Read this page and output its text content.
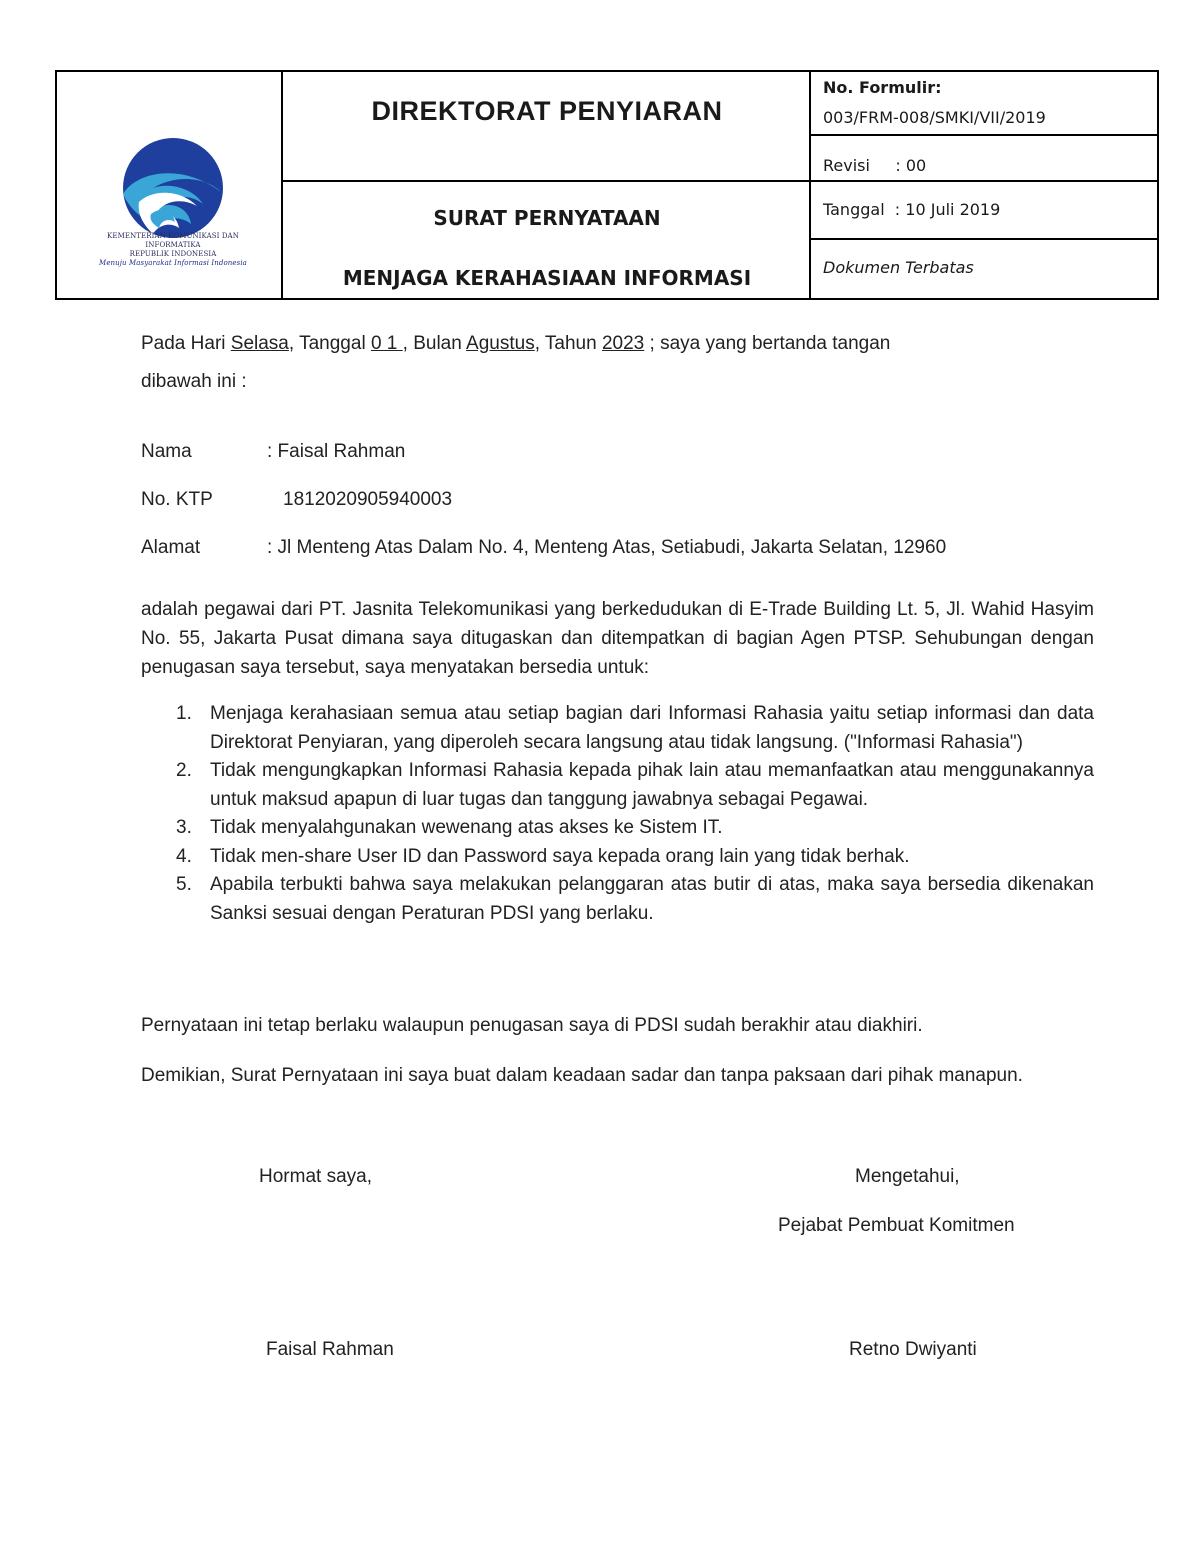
KEMENTERIAN KOMUNIKASI DAN INFORMATIKA
REPUBLIK INDONESIA
Menuju Masyarakat Informasi Indonesia
DIREKTORAT PENYIARAN
SURAT PERNYATAAN
MENJAGA KERAHASIAAN INFORMASI
No. Formulir:
003/FRM-008/SMKI/VII/2019
Revisi     : 00
Tanggal  : 10 Juli 2019
Dokumen Terbatas
Pada Hari Selasa, Tanggal 0 1 , Bulan Agustus, Tahun 2023 ; saya yang bertanda tangan
dibawah ini :
Nama	: Faisal Rahman
No. KTP	1812020905940003
Alamat	: Jl Menteng Atas Dalam No. 4, Menteng Atas, Setiabudi, Jakarta Selatan, 12960
adalah pegawai dari PT. Jasnita Telekomunikasi yang berkedudukan di E-Trade Building Lt. 5, Jl. Wahid Hasyim No. 55, Jakarta Pusat dimana saya ditugaskan dan ditempatkan di bagian Agen PTSP. Sehubungan dengan penugasan saya tersebut, saya menyatakan bersedia untuk:
1. Menjaga kerahasiaan semua atau setiap bagian dari Informasi Rahasia yaitu setiap informasi dan data Direktorat Penyiaran, yang diperoleh secara langsung atau tidak langsung. ("Informasi Rahasia")
2. Tidak mengungkapkan Informasi Rahasia kepada pihak lain atau memanfaatkan atau menggunakannya untuk maksud apapun di luar tugas dan tanggung jawabnya sebagai Pegawai.
3. Tidak menyalahgunakan wewenang atas akses ke Sistem IT.
4. Tidak men-share User ID dan Password saya kepada orang lain yang tidak berhak.
5. Apabila terbukti bahwa saya melakukan pelanggaran atas butir di atas, maka saya bersedia dikenakan Sanksi sesuai dengan Peraturan PDSI yang berlaku.
Pernyataan ini tetap berlaku walaupun penugasan saya di PDSI sudah berakhir atau diakhiri.
Demikian, Surat Pernyataan ini saya buat dalam keadaan sadar dan tanpa paksaan dari pihak manapun.
Hormat saya,	Mengetahui,
Pejabat Pembuat Komitmen
Faisal Rahman	Retno Dwiyanti
